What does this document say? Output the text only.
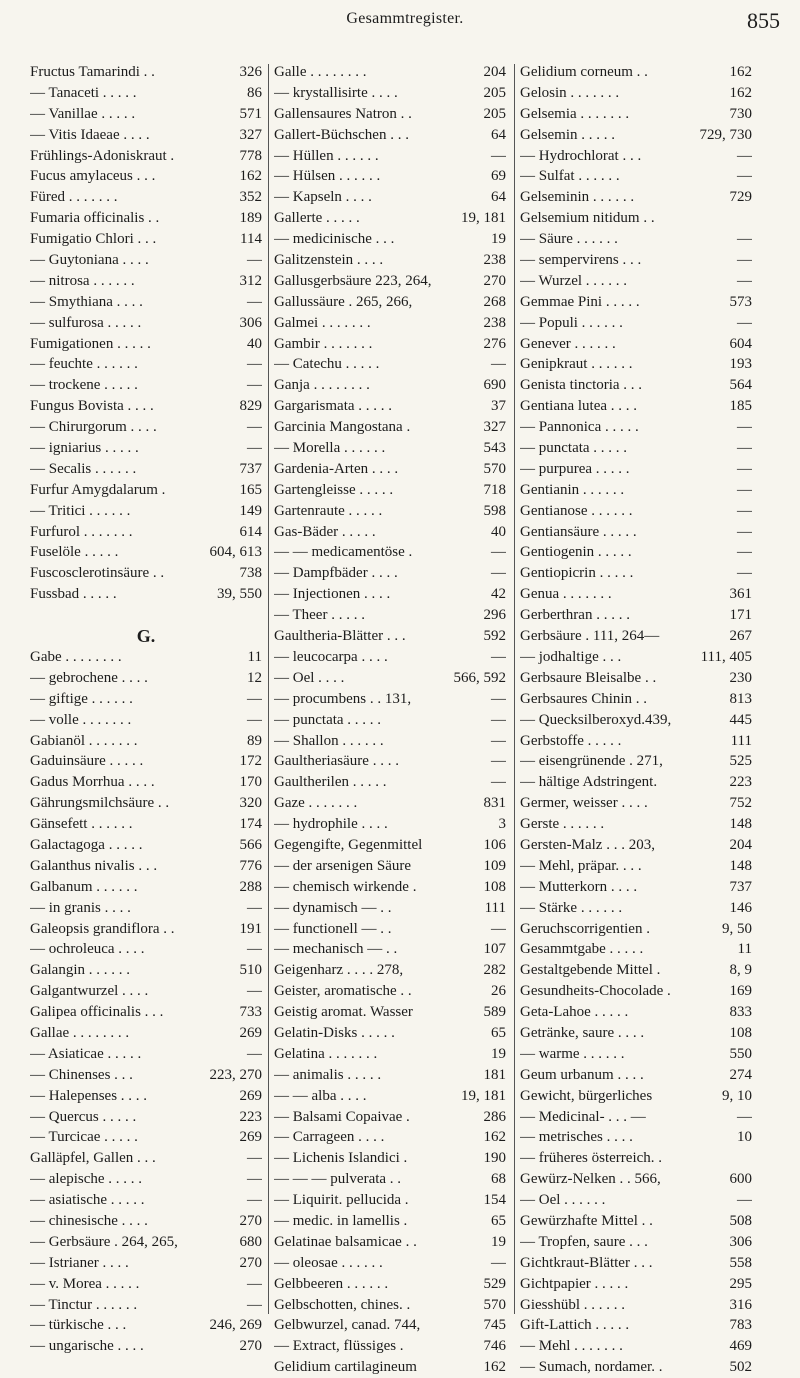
Gesammtregister.	855
326
Fructus Tamarindi . .
86
— Tanaceti . . . . .
571
— Vanillae . . . . .
327
— Vitis Idaeae . . . .
778
Frühlings-Adoniskraut .
162
Fucus amylaceus . . .
352
Füred . . . . . . .
189
Fumaria officinalis . .
114
Fumigatio Chlori . . .
—
— Guytoniana . . . .
312
— nitrosa . . . . . .
—
— Smythiana . . . .
306
— sulfurosa . . . . .
40
Fumigationen . . . . .
—
— feuchte . . . . . .
—
— trockene . . . . .
829
Fungus Bovista . . . .
—
— Chirurgorum . . . .
—
— igniarius . . . . .
737
— Secalis . . . . . .
165
Furfur Amygdalarum .
149
— Tritici . . . . . .
614
Furfurol . . . . . . .
604, 613
Fuselöle . . . . .
738
Fuscosclerotinsäure . .
39, 550
Fussbad . . . . .
G.
11
Gabe . . . . . . . .
12
— gebrochene . . . .
—
— giftige . . . . . .
—
— volle . . . . . . .
89
Gabianöl . . . . . . .
172
Gaduinsäure . . . . .
170
Gadus Morrhua . . . .
320
Gährungsmilchsäure . .
174
Gänsefett . . . . . .
566
Galactagoga . . . . .
776
Galanthus nivalis . . .
288
Galbanum . . . . . .
—
— in granis . . . .
191
Galeopsis grandiflora . .
—
— ochroleuca . . . .
510
Galangin . . . . . .
—
Galgantwurzel . . . .
733
Galipea officinalis . . .
269
Gallae . . . . . . . .
—
— Asiaticae . . . . .
223, 270
— Chinenses . . .
269
— Halepenses . . . .
223
— Quercus . . . . .
269
— Turcicae . . . . .
—
Galläpfel, Gallen . . .
—
— alepische . . . . .
—
— asiatische . . . . .
270
— chinesische . . . .
680
— Gerbsäure . 264, 265,
270
— Istrianer . . . .
—
— v. Morea . . . . .
—
— Tinctur . . . . . .
246, 269
— türkische . . .
270
— ungarische . . . .
204
Galle . . . . . . . .
205
— krystallisirte . . . .
205
Gallensaures Natron . .
64
Gallert-Büchschen . . .
—
— Hüllen . . . . . .
69
— Hülsen . . . . . .
64
— Kapseln . . . .
19, 181
Gallerte . . . . .
19
— medicinische . . .
238
Galitzenstein . . . .
270
Gallusgerbsäure 223, 264,
268
Gallussäure . 265, 266,
238
Galmei . . . . . . .
276
Gambir . . . . . . .
—
— Catechu . . . . .
690
Ganja . . . . . . . .
37
Gargarismata . . . . .
327
Garcinia Mangostana .
543
— Morella . . . . . .
570
Gardenia-Arten . . . .
718
Gartengleisse . . . . .
598
Gartenraute . . . . .
40
Gas-Bäder . . . . .
—
— — medicamentöse .
—
— Dampfbäder . . . .
42
— Injectionen . . . .
296
— Theer . . . . .
592
Gaultheria-Blätter . . .
—
— leucocarpa . . . .
566, 592
— Oel . . . .
—
— procumbens . . 131,
—
— punctata . . . . .
—
— Shallon . . . . . .
—
Gaultheriasäure . . . .
—
Gaultherilen . . . . .
831
Gaze . . . . . . .
3
— hydrophile . . . .
106
Gegengifte, Gegenmittel
109
— der arsenigen Säure
108
— chemisch wirkende .
111
— dynamisch — . .
—
— functionell — . .
107
— mechanisch — . .
282
Geigenharz . . . . 278,
26
Geister, aromatische . .
589
Geistig aromat. Wasser
65
Gelatin-Disks . . . . .
19
Gelatina . . . . . . .
181
— animalis . . . . .
19, 181
— — alba . . . .
286
— Balsami Copaivae .
162
— Carrageen . . . .
190
— Lichenis Islandici .
68
— — — pulverata . .
154
— Liquirit. pellucida .
65
— medic. in lamellis .
19
Gelatinae balsamicae . .
—
— oleosae . . . . . .
529
Gelbbeeren . . . . . .
570
Gelbschotten, chines. .
745
Gelbwurzel, canad. 744,
746
— Extract, flüssiges .
162
Gelidium cartilagineum
162
Gelidium corneum . .
162
Gelosin . . . . . . .
730
Gelsemia . . . . . . .
729, 730
Gelsemin . . . . .
—
— Hydrochlorat . . .
—
— Sulfat . . . . . .
729
Gelseminin . . . . . .
Gelsemium nitidum . .
—
— Säure . . . . . .
—
— sempervirens . . .
—
— Wurzel . . . . . .
573
Gemmae Pini . . . . .
—
— Populi . . . . . .
604
Genever . . . . . .
193
Genipkraut . . . . . .
564
Genista tinctoria . . .
185
Gentiana lutea . . . .
—
— Pannonica . . . . .
—
— punctata . . . . .
—
— purpurea . . . . .
—
Gentianin . . . . . .
—
Gentianose . . . . . .
—
Gentiansäure . . . . .
—
Gentiogenin . . . . .
—
Gentiopicrin . . . . .
361
Genua . . . . . . .
171
Gerberthran . . . . .
267
Gerbsäure . 111, 264—
111, 405
— jodhaltige . . .
230
Gerbsaure Bleisalbe . .
813
Gerbsaures Chinin . .
445
— Quecksilberoxyd.439,
111
Gerbstoffe . . . . .
525
— eisengrünende . 271,
223
— hältige Adstringent.
752
Germer, weisser . . . .
148
Gerste . . . . . .
204
Gersten-Malz . . . 203,
148
— Mehl, präpar. . . .
737
— Mutterkorn . . . .
146
— Stärke . . . . . .
9, 50
Geruchscorrigentien .
11
Gesammtgabe . . . . .
8, 9
Gestaltgebende Mittel .
169
Gesundheits-Chocolade .
833
Geta-Lahoe . . . . .
108
Getränke, saure . . . .
550
— warme . . . . . .
274
Geum urbanum . . . .
9, 10
Gewicht, bürgerliches
—
— Medicinal- . . . —
10
— metrisches . . . .
— früheres österreich. .
600
Gewürz-Nelken . . 566,
—
— Oel . . . . . .
508
Gewürzhafte Mittel . .
306
— Tropfen, saure . . .
558
Gichtkraut-Blätter . . .
295
Gichtpapier . . . . .
316
Giesshübl . . . . . .
783
Gift-Lattich . . . . .
469
— Mehl . . . . . . .
502
— Sumach, nordamer. .
